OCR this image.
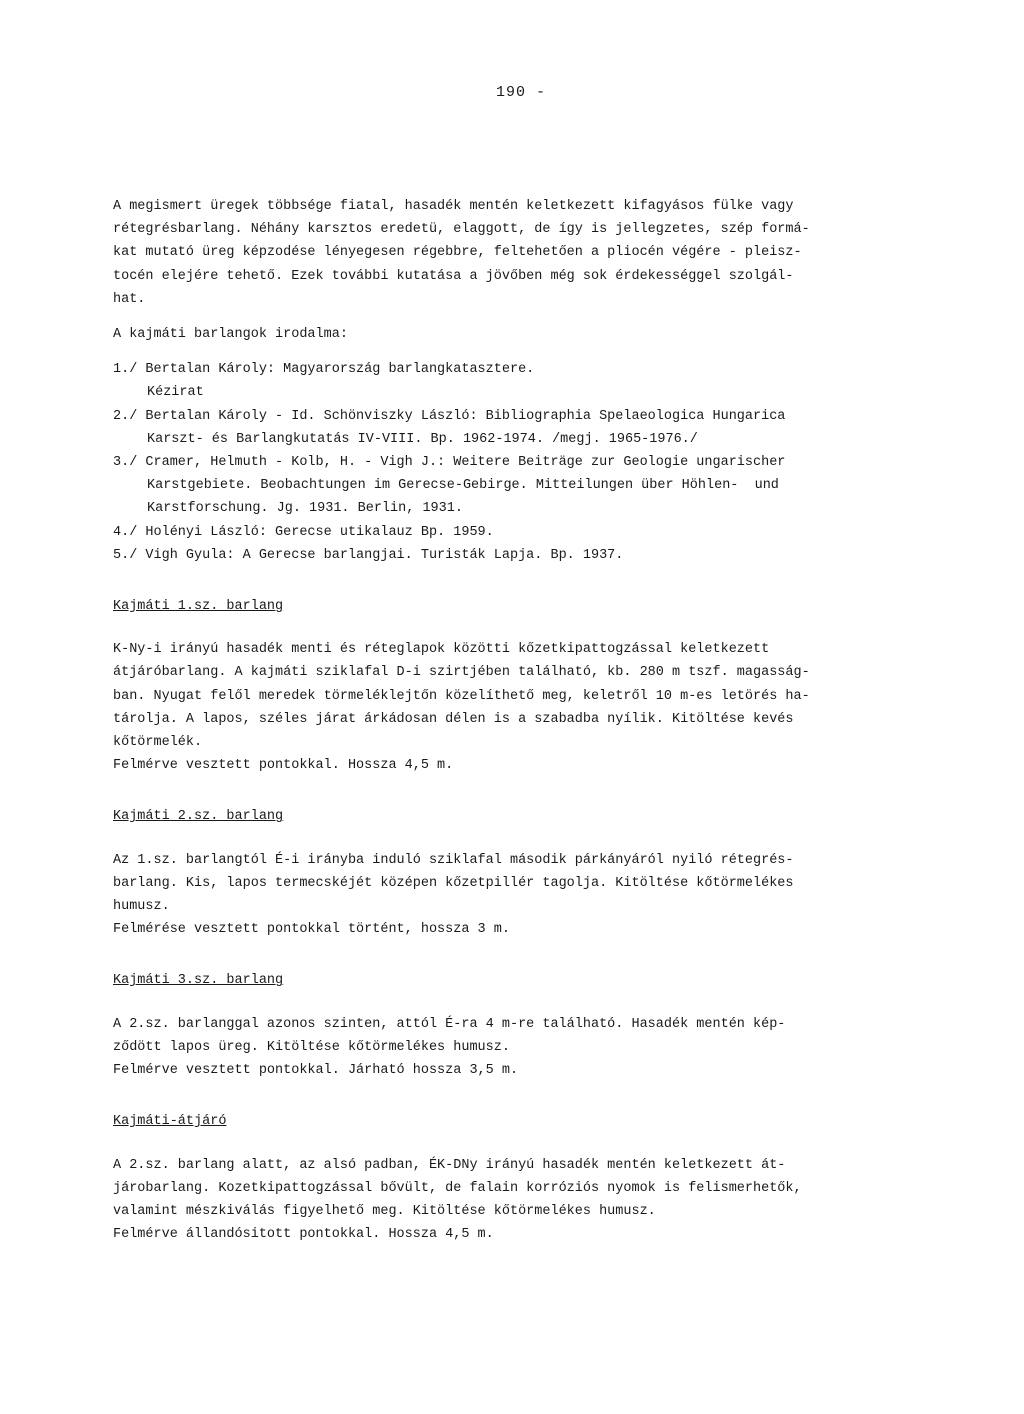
190 -

A megismert üregek többsége fiatal, hasadék mentén keletkezett kifagyásos fülke vagy

rétegrésbarlang. Néhány karsztos eredetü, elaggott, de így is jellegzetes, szép formá-

kat mutató üreg képzodése lényegesen régebbre, feltehetően a pliocén végére - pleisz-

tocén elejére tehető. Ezek további kutatása a jövőben még sok érdekességgel szolgál-

hat.

A kajmáti barlangok irodalma:

1./ Bertalan Károly: Magyarország barlangkatasztere.

Kézirat

2./ Bertalan Károly - Id. Schönviszky László: Bibliographia Spelaeologica Hungarica

Karszt- és Barlangkutatás IV-VIII. Bp. 1962-1974. /megj. 1965-1976./

3./ Cramer, Helmuth - Kolb, H. - Vigh J.: Weitere Beiträge zur Geologie ungarischer

Karstgebiete. Beobachtungen im Gerecse-Gebirge. Mitteilungen über Höhlen-  und

Karstforschung. Jg. 1931. Berlin, 1931.

4./ Holényi László: Gerecse utikalauz Bp. 1959.

5./ Vigh Gyula: A Gerecse barlangjai. Turisták Lapja. Bp. 1937.

Kajmáti 1.sz. barlang

K-Ny-i irányú hasadék menti és réteglapok közötti kőzetkipattogzással keletkezett

átjáróbarlang. A kajmáti sziklafal D-i szirtjében található, kb. 280 m tszf. magasság-

ban. Nyugat felől meredek törmeléklejtőn közelíthető meg, keletről 10 m-es letörés ha-

tárolja. A lapos, széles járat árkádosan délen is a szabadba nyílik. Kitöltése kevés

kőtörmelék.

Felmérve vesztett pontokkal. Hossza 4,5 m.

Kajmáti 2.sz. barlang

Az 1.sz. barlangtól É-i irányba induló sziklafal második párkányáról nyiló rétegrés-

barlang. Kis, lapos termecskéjét középen kőzetpillér tagolja. Kitöltése kőtörmelékes

humusz.

Felmérése vesztett pontokkal történt, hossza 3 m.

Kajmáti 3.sz. barlang

A 2.sz. barlanggal azonos szinten, attól É-ra 4 m-re található. Hasadék mentén kép-

ződött lapos üreg. Kitöltése kőtörmelékes humusz.

Felmérve vesztett pontokkal. Járható hossza 3,5 m.

Kajmáti-átjáró

A 2.sz. barlang alatt, az alsó padban, ÉK-DNy irányú hasadék mentén keletkezett át-

járobarlang. Kozetkipattogzással bővült, de falain korróziós nyomok is felismerhetők,

valamint mészkiválás figyelhető meg. Kitöltése kőtörmelékes humusz.

Felmérve állandósitott pontokkal. Hossza 4,5 m.
